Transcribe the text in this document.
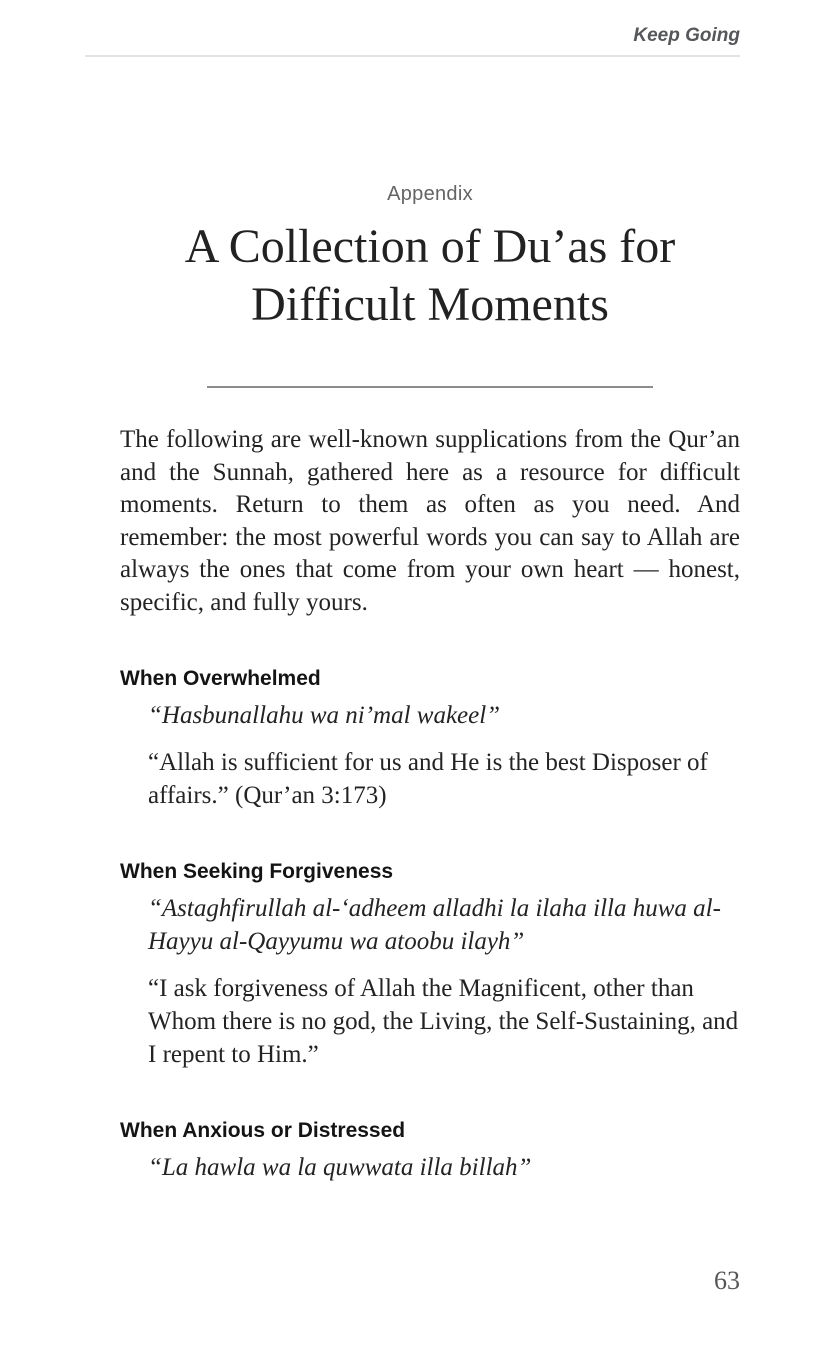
Keep Going
Appendix
A Collection of Du’as for
Difficult Moments

The following are well-known supplications from the Qur’an and the Sunnah, gathered here as a resource for difficult moments. Return to them as often as you need. And remember: the most powerful words you can say to Allah are always the ones that come from your own heart — honest, specific, and fully yours.

When Overwhelmed

“Hasbunallahu wa ni’mal wakeel”

“Allah is sufficient for us and He is the best Disposer of affairs.” (Qur’an 3:173)

When Seeking Forgiveness

“Astaghfirullah al-‘adheem alladhi la ilaha illa huwa al-Hayyu al-Qayyumu wa atoobu ilayh”

“I ask forgiveness of Allah the Magnificent, other than Whom there is no god, the Living, the Self-Sustaining, and I repent to Him.”

When Anxious or Distressed

“La hawla wa la quwwata illa billah”

63
